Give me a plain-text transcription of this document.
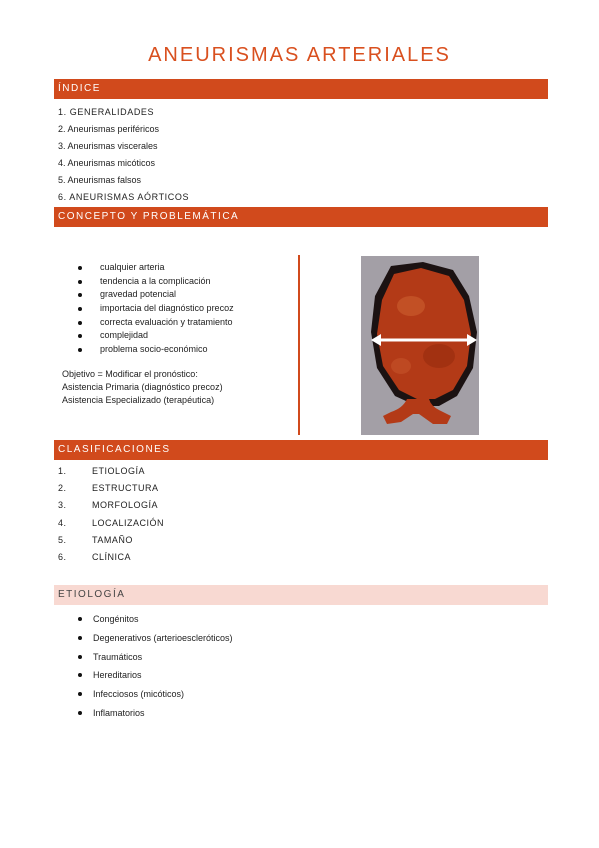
ANEURISMAS ARTERIALES
ÍNDICE
1. GENERALIDADES
2. Aneurismas periféricos
3. Aneurismas viscerales
4. Aneurismas micóticos
5. Aneurismas falsos
6. ANEURISMAS AÓRTICOS
CONCEPTO Y PROBLEMÁTICA
cualquier arteria
tendencia a la complicación
gravedad potencial
importacia del diagnóstico precoz
correcta evaluación y tratamiento
complejidad
problema socio-económico
Objetivo = Modificar el pronóstico:
Asistencia Primaria (diagnóstico precoz)
Asistencia Especializado (terapéutica)
CLASIFICACIONES
1.	ETIOLOGÍA
2.	ESTRUCTURA
3.	MORFOLOGÍA
4.	LOCALIZACIÓN
5.	TAMAÑO
6.	CLÍNICA
ETIOLOGÍA
Congénitos
Degenerativos (arterioescleróticos)
Traumáticos
Hereditarios
Infecciosos (micóticos)
Inflamatorios
